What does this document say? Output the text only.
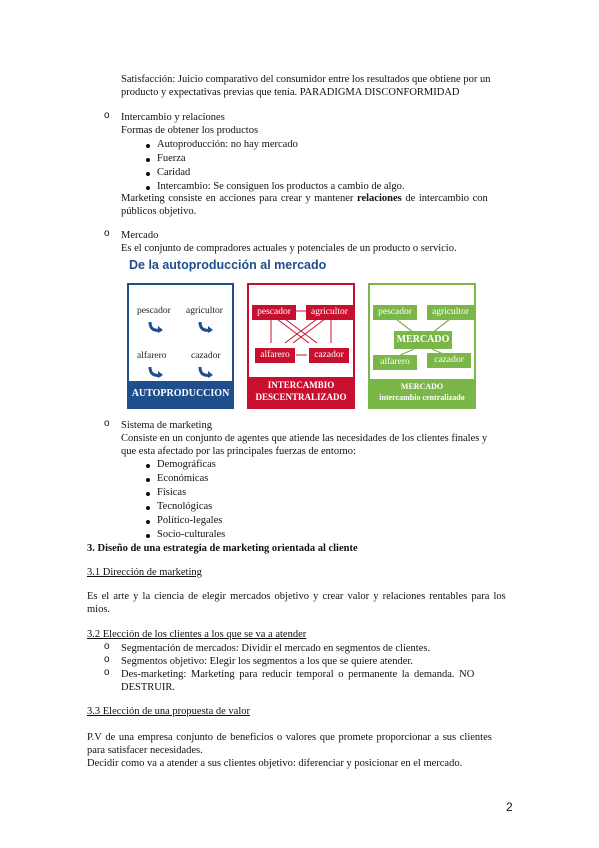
Satisfacción: Juicio comparativo del consumidor entre los resultados que obtiene por un
producto y expectativas previas que tenía. PARADIGMA DISCONFORMIDAD
o Intercambio y relaciones
Formas de obtener los productos
Autoproducción: no hay mercado
Fuerza
Caridad
Intercambio: Se consiguen los productos a cambio de algo.
Marketing consiste en acciones para crear y mantener relaciones de intercambio con
públicos objetivo.
o Mercado
Es el conjunto de compradores actuales y potenciales de un producto o servicio.
De la autoproducción al mercado
pescador agricultor
alfarero	cazador
AUTOPRODUCCION
pescador	agricultor
alfarero	cazador
INTERCAMBIO
DESCENTRALIZADO
pescador	agricultor
MERCADO
alfarero	cazador
MERCADO
intercambio centralizado
o Sistema de marketing
Consiste en un conjunto de agentes que atiende las necesidades de los clientes finales y
que esta afectado por las principales fuerzas de entorno:
Demográficas
Económicas
Físicas
Tecnológicas
Político-legales
Socio-culturales
3. Diseño de una estrategia de marketing orientada al cliente
3.1 Dirección de marketing
Es el arte y la ciencia de elegir mercados objetivo y crear valor y relaciones rentables para los
mios.
3.2 Elección de los clientes a los que se va a atender
o Segmentación de mercados: Dividir el mercado en segmentos de clientes.
o Segmentos objetivo: Elegir los segmentos a los que se quiere atender.
o Des-marketing: Marketing para reducir temporal o permanente la demanda. NO
DESTRUIR.
3.3 Elección de una propuesta de valor
P.V de una empresa conjunto de beneficios o valores que promete proporcionar a sus clientes
para satisfacer necesidades.
Decidir como va a atender a sus clientes objetivo: diferenciar y posicionar en el mercado.
2
